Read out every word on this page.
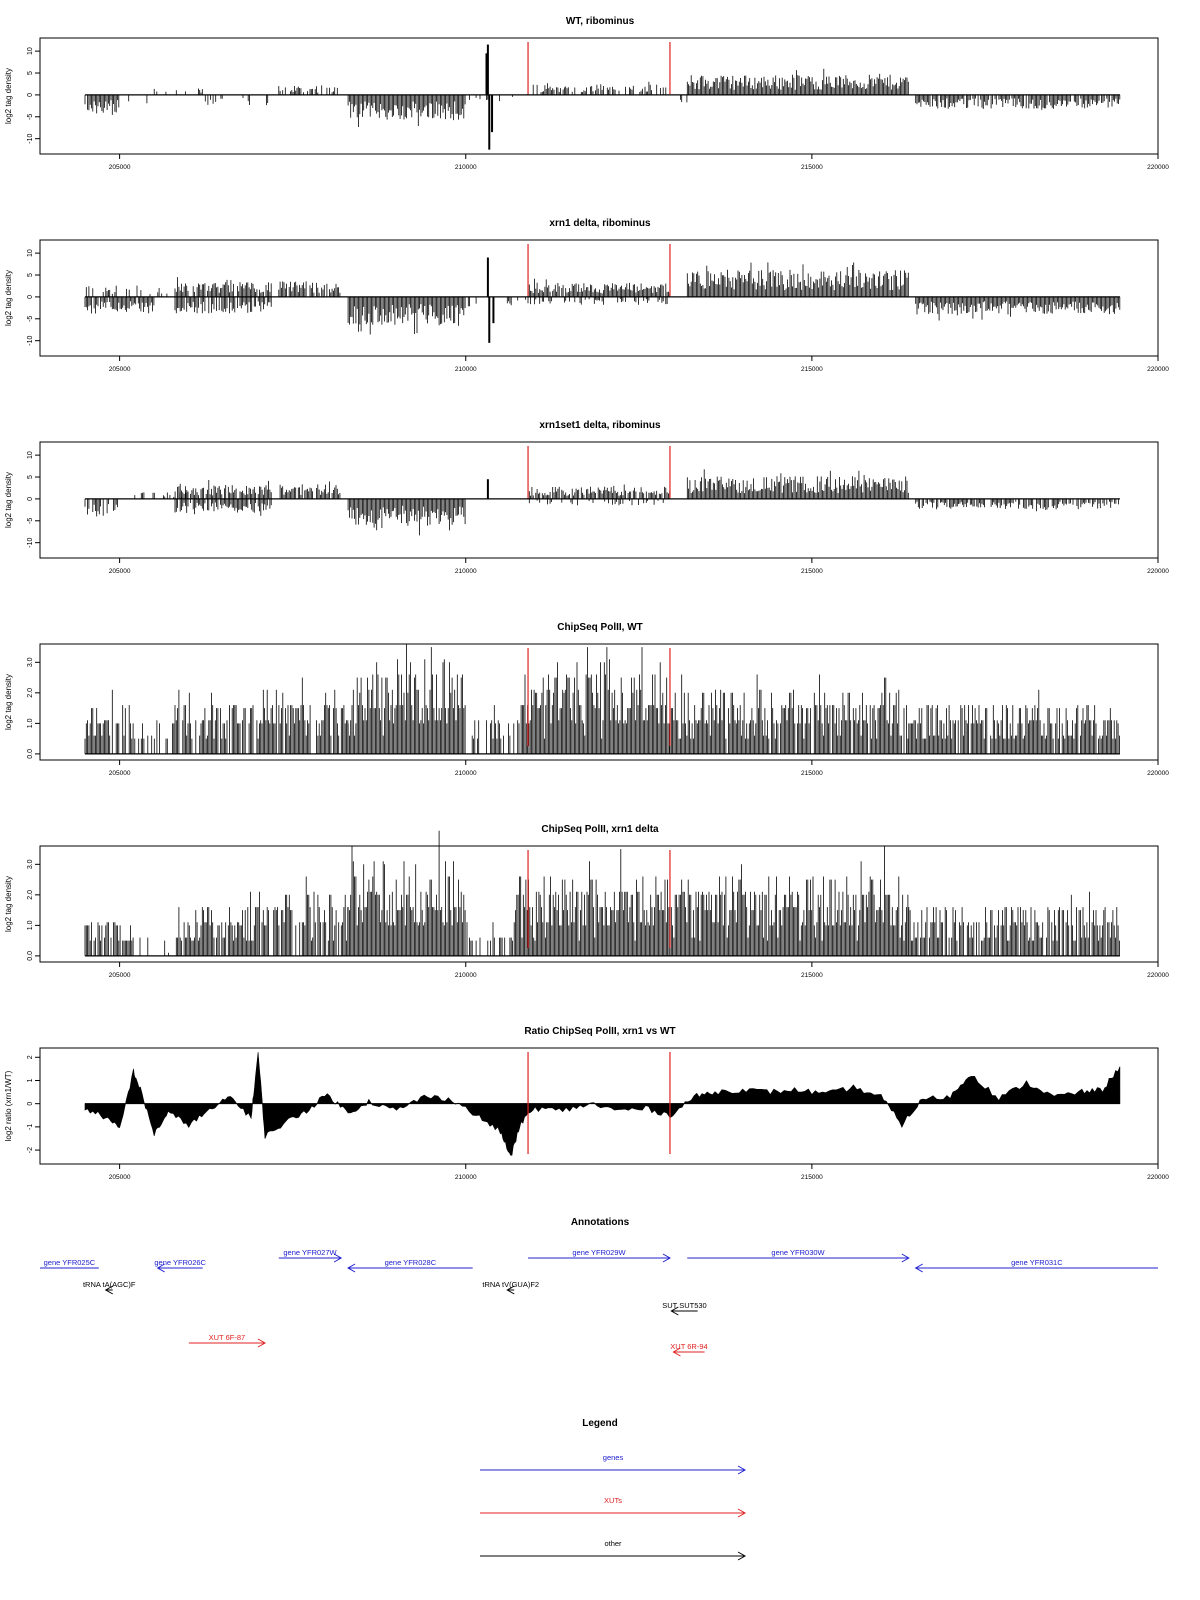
WT, ribominus
log2 tag density
10
5
0
-5
-10
205000	210000	215000	220000
xrn1 delta, ribominus
log2 tag density
10
5
0
-5
-10
205000	210000	215000	220000
xrn1set1 delta, ribominus
log2 tag density
10
5
0
-5
-10
205000	210000	215000	220000
ChipSeq PolII, WT
log2 tag density
3.0
2.0
1.0
0.0
205000	210000	215000	220000
ChipSeq PolII, xrn1 delta
log2 tag density
3.0
2.0
1.0
0.0
205000	210000	215000	220000
Ratio ChipSeq PolII, xrn1 vs WT
log2 ratio (xrn1/WT)
2
1
0
-1
-2
205000	210000	215000	220000
Annotations
gene YFR025C	gene YFR026C
gene YFR027W
gene YFR028C
gene YFR029W	gene YFR030W
gene YFR031C
tRNA tA(AGC)F	tRNA tV(GUA)F2
SUT SUT530
XUT 6F-87
XUT 6R-94
Legend
genes
XUTs
other
